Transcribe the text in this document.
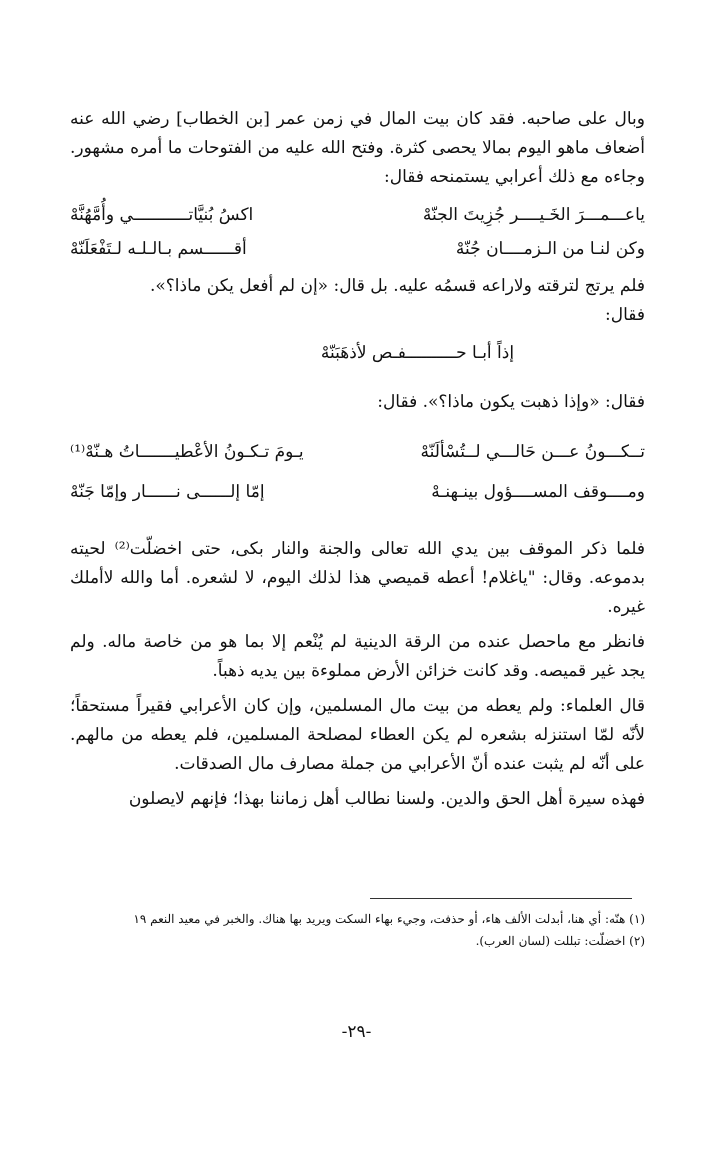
وبال على صاحبه. فقد كان بيت المال في زمن عمر [بن الخطاب] رضي الله عنه أضعاف ماهو اليوم بمالا يحصى كثرة. وفتح الله عليه من الفتوحات ما أمره مشهور. وجاءه مع ذلك أعرابي يستمنحه فقال:

ياعـــمـــرَ الخَـيــــر جُزِيتَ الجنّهْ
اكسُ بُنيَّاتـــــــــــي وأُمَّهُنَّهْ
وكن لنـا من الـزمــــان جُنّهْ
أقــــــسم بـالـلـه لـتَفْعَلَنّهْ

فلم يرتج لترقته ولاراعه قسمُه عليه. بل قال: «إن لم أفعل يكن ماذا؟».

فقال:

إذاً أبـا حــــــــــفـص لأذهَبَنّهْ

فقال: «وإذا ذهبت يكون ماذا؟». فقال:

تــكـــونُ عـــن حَالـــي لــتُسْألَنّهْ
يـومَ تـكـونُ الأعْطيـــــــاتُ هـنّهْ⁽¹⁾
ومــــوقف المســــؤول بينـهنـهْ
إمّا إلــــــى نــــــار وإمّا جَنّهْ

فلما ذكر الموقف بين يدي الله تعالى والجنة والنار بكى، حتى اخضلّت⁽²⁾ لحيته بدموعه. وقال: "ياغلام! أعطه قميصي هذا لذلك اليوم، لا لشعره. أما والله لاأملك غيره.

فانظر مع ماحصل عنده من الرقة الدينية لم يُنْعم إلا بما هو من خاصة ماله. ولم يجد غير قميصه. وقد كانت خزائن الأرض مملوءة بين يديه ذهباً.

قال العلماء: ولم يعطه من بيت مال المسلمين، وإن كان الأعرابي فقيراً مستحقاً؛ لأنّه لمّا استنزله بشعره لم يكن العطاء لمصلحة المسلمين، فلم يعطه من مالهم. على أنّه لم يثبت عنده أنّ الأعرابي من جملة مصارف مال الصدقات.

فهذه سيرة أهل الحق والدين. ولسنا نطالب أهل زماننا بهذا؛ فإنهم لايصلون

(١) هنّه: أي هنا، أبدلت الألف هاء، أو حذفت، وجيء بهاء السكت ويريد بها هناك. والخبر في معيد النعم ١٩
(٢) اخضلّت: تبللت (لسان العرب).
-٢٩-
